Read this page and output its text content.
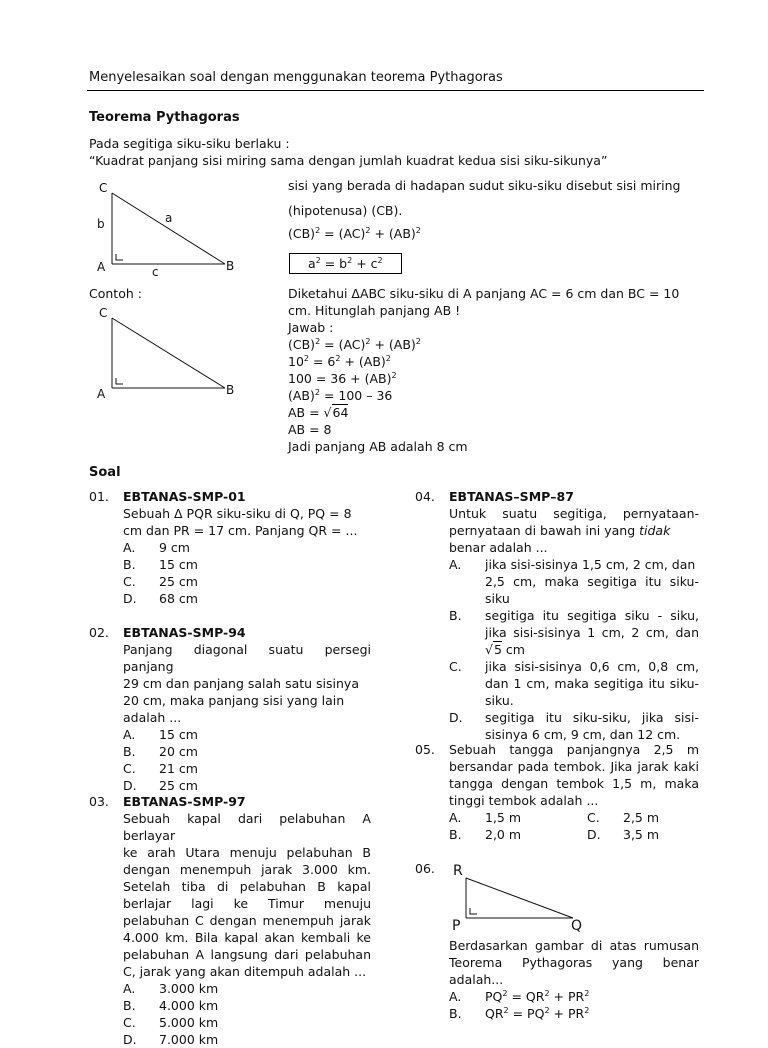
Menyelesaikan soal dengan menggunakan teorema Pythagoras
Teorema Pythagoras
Pada segitiga siku-siku berlaku :
“Kuadrat panjang sisi miring sama dengan jumlah kuadrat kedua sisi siku-sikunya”
C
b	a
A	c	B
sisi yang berada di hadapan sudut siku-siku disebut sisi miring
(hipotenusa) (CB).
(CB)$^2$ = (AC)$^2$ + (AB)$^2$
$a^2 = b^2 + c^2$
Contoh :
C
A	B
Diketahui ΔABC siku-siku di A panjang AC = 6 cm dan BC = 10
cm. Hitunglah panjang AB !
Jawab :
(CB)$^2$ = (AC)$^2$ + (AB)$^2$
$10^2 = 6^2 + (AB)^2$
100 = 36 + (AB)$^2$
(AB)$^2$ = 100 – 36
AB = √64
AB = 8
Jadi panjang AB adalah 8 cm
Soal
01. EBTANAS-SMP-01
Sebuah Δ PQR siku-siku di Q, PQ = 8
cm dan PR = 17 cm. Panjang QR = ...
A. 9 cm
B. 15 cm
C. 25 cm
D. 68 cm
02. EBTANAS-SMP-94
Panjang diagonal suatu persegi panjang
29 cm dan panjang salah satu sisinya
20 cm, maka panjang sisi yang lain
adalah ...
A. 15 cm
B. 20 cm
C. 21 cm
D. 25 cm
03. EBTANAS-SMP-97
Sebuah kapal dari pelabuhan A berlayar
ke arah Utara menuju pelabuhan B
dengan menempuh jarak 3.000 km.
Setelah tiba di pelabuhan B kapal
berlajar lagi ke Timur menuju
pelabuhan C dengan menempuh jarak
4.000 km. Bila kapal akan kembali ke
pelabuhan A langsung dari pelabuhan
C, jarak yang akan ditempuh adalah ...
A. 3.000 km
B. 4.000 km
C. 5.000 km
D. 7.000 km
04. EBTANAS–SMP–87
Untuk suatu segitiga, pernyataan-
pernyataan di bawah ini yang tidak
benar adalah ...
A. jika sisi-sisinya 1,5 cm, 2 cm, dan
2,5 cm, maka segitiga itu siku-siku
B. segitiga itu segitiga siku - siku,
jika sisi-sisinya 1 cm, 2 cm, dan
√5 cm
C. jika sisi-sisinya 0,6 cm, 0,8 cm,
dan 1 cm, maka segitiga itu siku-
siku.
D. segitiga itu siku-siku, jika sisi-
sisinya 6 cm, 9 cm, dan 12 cm.
05. Sebuah tangga panjangnya 2,5 m
bersandar pada tembok. Jika jarak kaki
tangga dengan tembok 1,5 m, maka
tinggi tembok adalah ...
A. 1,5 m	C. 2,5 m
B. 2,0 m	D. 3,5 m
06. R
P	Q
Berdasarkan gambar di atas rumusan
Teorema Pythagoras yang benar
adalah...
A. $PQ^2 = QR^2 + PR^2$
B. $QR^2 = PQ^2 + PR^2$
